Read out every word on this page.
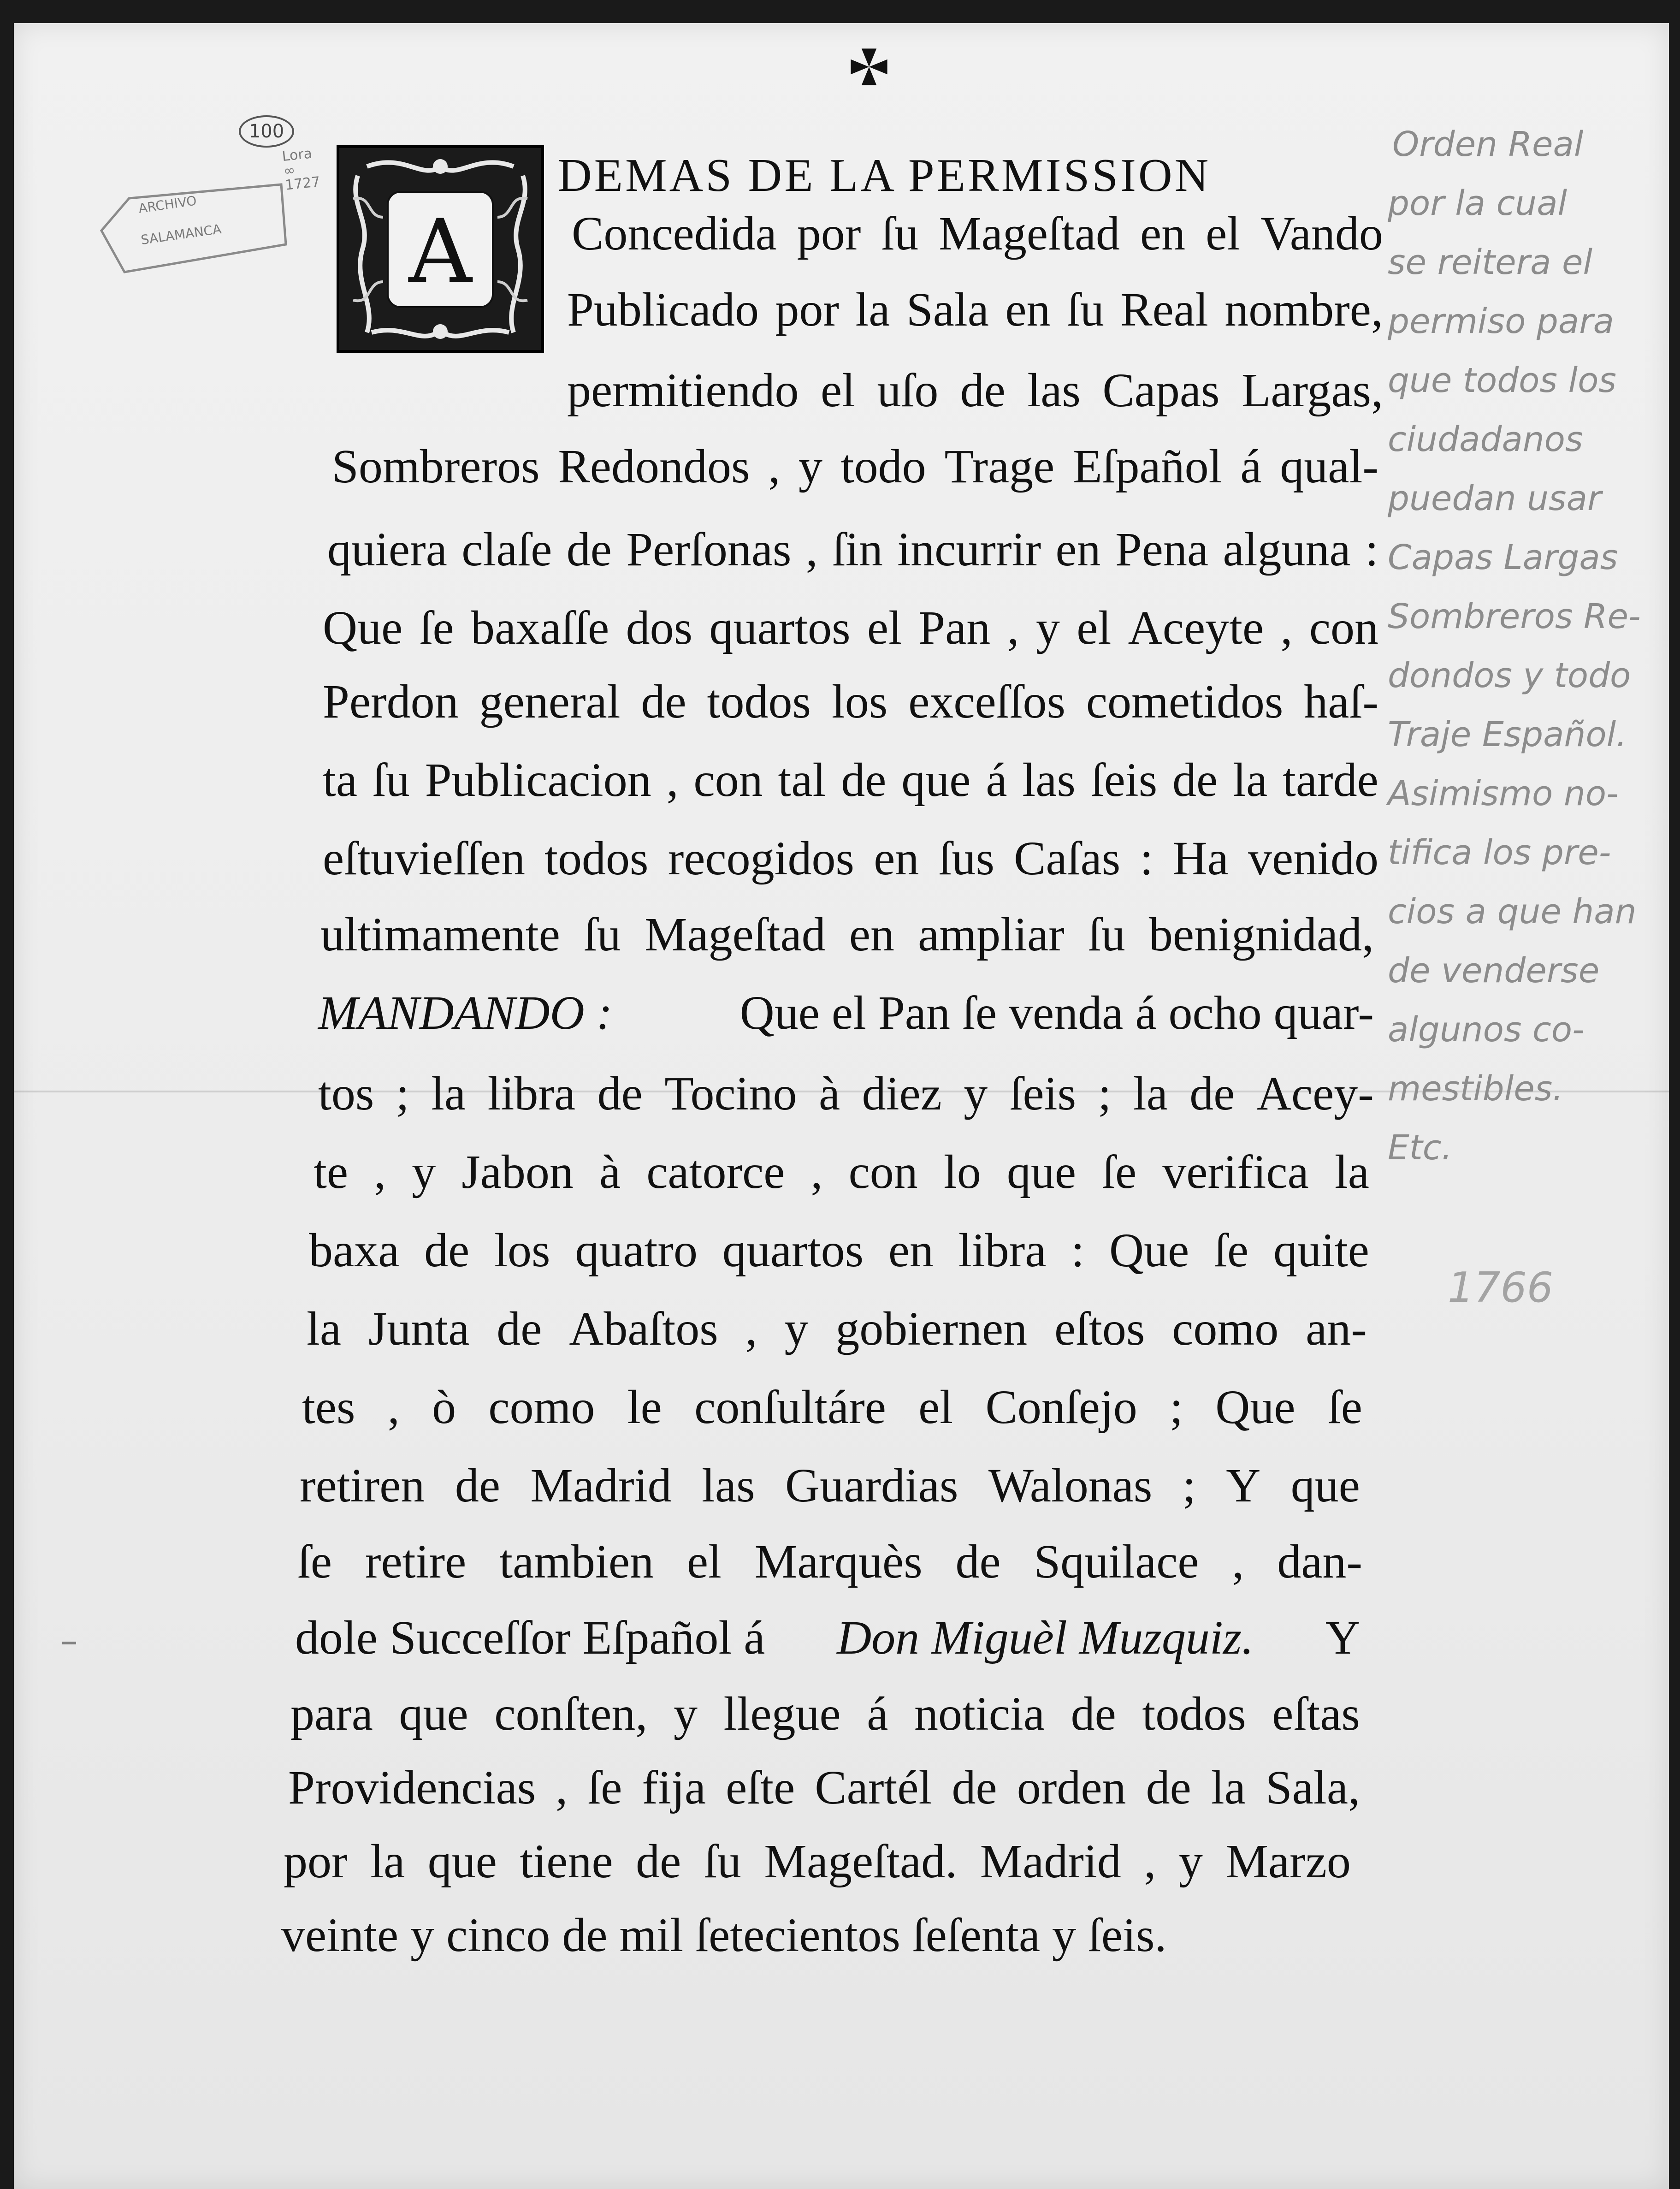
100
ARCHIVO
SALAMANCA
Lora
∞
1727
A
DEMAS DE LA PERMISSION
Concedida por ſu Mageſtad en el Vando
Publicado por la Sala en ſu Real nombre,
permitiendo el uſo de las Capas Largas,
Sombreros Redondos , y todo Trage Eſpañol á qual-
quiera claſe de Perſonas , ſin incurrir en Pena alguna :
Que ſe baxaſſe dos quartos el Pan , y el Aceyte , con
Perdon general de todos los exceſſos cometidos haſ-
ta ſu Publicacion , con tal de que á las ſeis de la tarde
eſtuvieſſen todos recogidos en ſus Caſas : Ha venido
ultimamente ſu Mageſtad en ampliar ſu benignidad,
MANDANDO :	Que el Pan ſe venda á ocho quar-
tos ; la libra de Tocino à diez y ſeis ; la de Acey-
te , y Jabon à catorce , con lo que ſe verifica la
baxa de los quatro quartos en libra : Que ſe quite
la Junta de Abaſtos , y gobiernen eſtos como an-
tes , ò como le conſultáre el Conſejo ; Que ſe
retiren de Madrid las Guardias Walonas ; Y que
ſe retire tambien el Marquès de Squilace , dan-
dole Succeſſor Eſpañol á Don Miguèl Muzquiz. Y
para que conſten, y llegue á noticia de todos eſtas
Providencias , ſe fija eſte Cartél de orden de la Sala,
por la que tiene de ſu Mageſtad. Madrid , y Marzo
veinte y cinco de mil ſetecientos ſeſenta y ſeis.
Orden Real
por la cual
se reitera el
permiso para
que todos los
ciudadanos
puedan usar
Capas Largas
Sombreros Re-
dondos y todo
Traje Español.
Asimismo no-
tifica los pre-
cios a que han
de venderse
algunos co-
mestibles.
Etc.
1766
